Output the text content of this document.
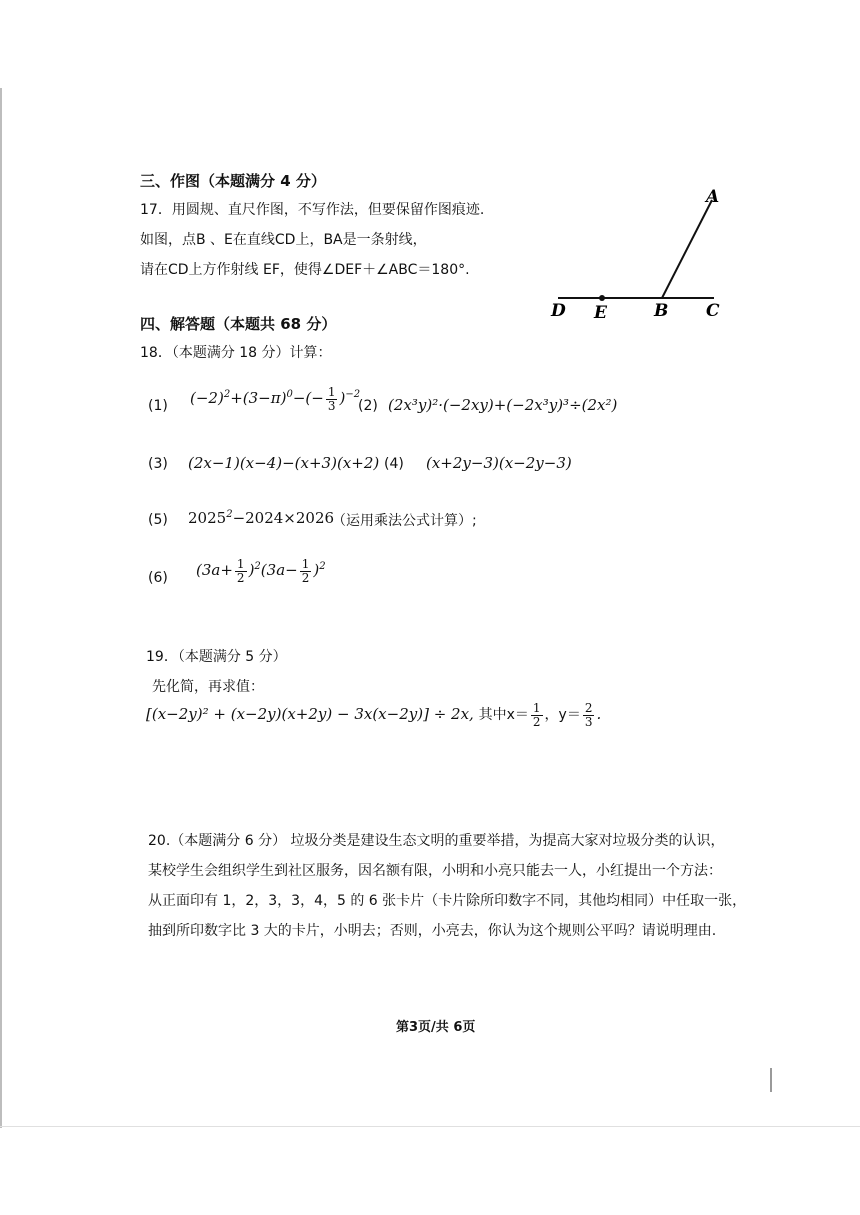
三、作图（本题满分 4 分）
17．用圆规、直尺作图，不写作法，但要保留作图痕迹.
如图，点B 、E在直线CD上，BA是一条射线，
请在CD上方作射线 EF，使得∠DEF＋∠ABC＝180°.
A
D E	B C
四、解答题（本题共 68 分）
18．（本题满分 18 分）计算：
(1) $(-2)^2+(3-\pi)^0-(- \frac{1}{3} )^{-2}$
(2) (2x³y)²·(−2xy)+(−2x³y)³÷(2x²)
(3) (2x−1)(x−4)−(x+3)(x+2) (4) (x+2y−3)(x−2y−3)
(5) $2025^2-2024\times 2026$
（运用乘法公式计算）;
(6) $(3a+ \frac{1}{2} )^2(3a- \frac{1}{2} )^2$
19．（本题满分 5 分）
先化简，再求值：
[(x−2y)² + (x−2y)(x+2y) − 3x(x−2y)] ÷ 2x, 其中$x= \frac{1}{2}$ ，$y= \frac{2}{3}$ .
20.（本题满分 6 分） 垃圾分类是建设生态文明的重要举措，为提高大家对垃圾分类的认识，
某校学生会组织学生到社区服务，因名额有限，小明和小亮只能去一人，小红提出一个方法：
从正面印有 1，2，3，3，4，5 的 6 张卡片（卡片除所印数字不同，其他均相同）中任取一张，
抽到所印数字比 3 大的卡片，小明去；否则，小亮去，你认为这个规则公平吗？请说明理由.
第3页/共 6页
